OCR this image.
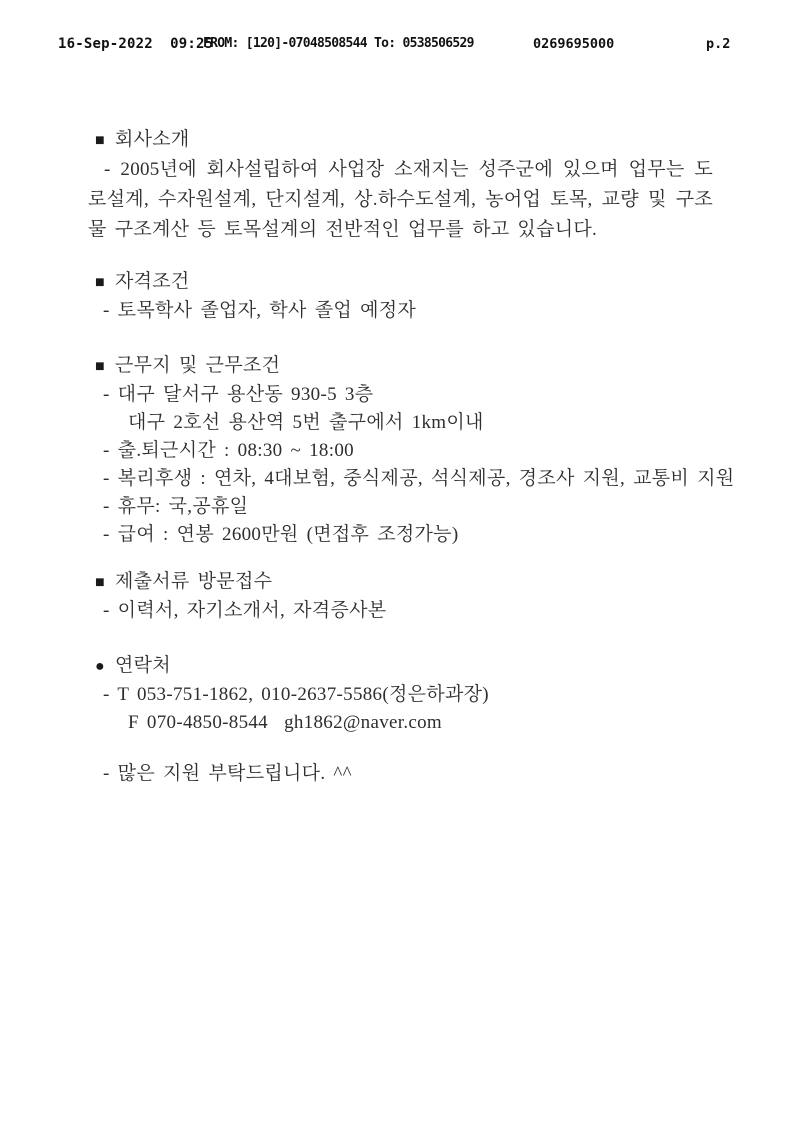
16-Sep-2022  09:25
FROM: [120]-07048508544 To: 0538506529	0269695000	p.2
■ 회사소개
- 2005년에 회사설립하여 사업장 소재지는 성주군에 있으며 업무는 도로설계, 수자원설계, 단지설계, 상.하수도설계, 농어업 토목, 교량 및 구조물 구조계산 등 토목설계의 전반적인 업무를 하고 있습니다.
■ 자격조건
- 토목학사 졸업자, 학사 졸업 예정자
■ 근무지 및 근무조건
- 대구 달서구 용산동 930-5 3층
대구 2호선 용산역 5번 출구에서 1km이내
- 출.퇴근시간 : 08:30 ~ 18:00
- 복리후생 : 연차, 4대보험, 중식제공, 석식제공, 경조사 지원, 교통비 지원
- 휴무: 국,공휴일
- 급여 : 연봉 2600만원 (면접후 조정가능)
■ 제출서류 방문접수
- 이력서, 자기소개서, 자격증사본
● 연락처
- T 053-751-1862, 010-2637-5586(정은하과장)
F 070-4850-8544  gh1862@naver.com
- 많은 지원 부탁드립니다. ^^
